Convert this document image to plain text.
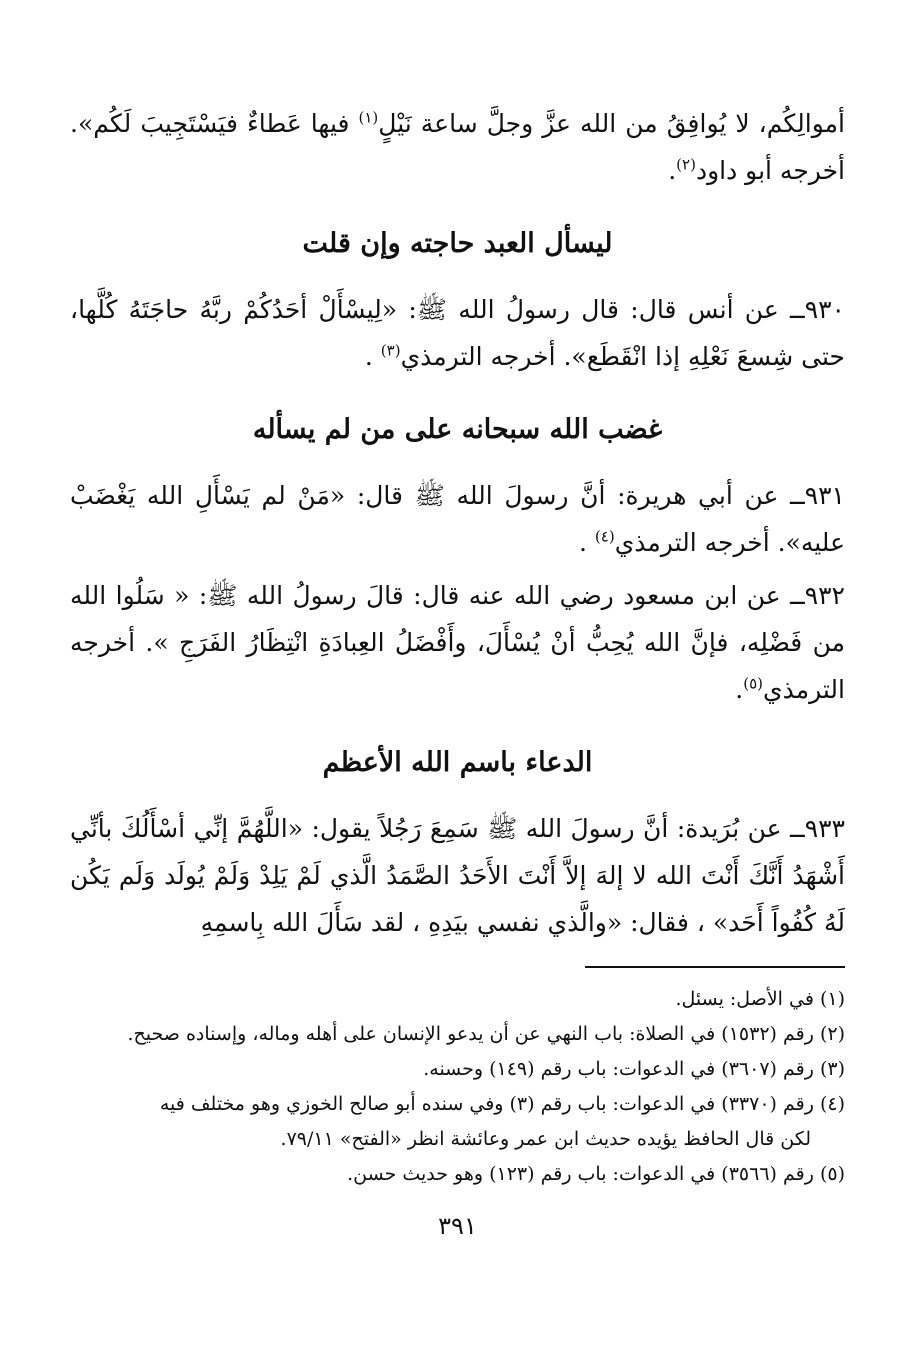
أموالِكُم، لا يُوافِقُ من الله عزَّ وجلَّ ساعة نَيْلٍ$^{(١)}$ فيها عَطاءٌ فيَسْتَجِيبَ لَكُم». أخرجه أبو داود$^{(٢)}$.

ليسأل العبد حاجته وإن قلت

٩٣٠ــ عن أنس قال: قال رسولُ الله ﷺ: «لِيسْأَلْ أحَدُكُمْ ربَّهُ حاجَتَهُ كُلَّها، حتى شِسعَ نَعْلِهِ إذا انْقَطَع». أخرجه الترمذي$^{(٣)}$ .

غضب الله سبحانه على من لم يسأله

٩٣١ــ عن أبي هريرة: أنَّ رسولَ الله ﷺ قال: «مَنْ لم يَسْأَلِ الله يَغْضَبْ عليه». أخرجه الترمذي$^{(٤)}$ .

٩٣٢ــ عن ابن مسعود رضي الله عنه قال: قالَ رسولُ الله ﷺ: « سَلُوا الله من فَضْلِه، فإنَّ الله يُحِبُّ أنْ يُسْأَلَ، وأَفْضَلُ العِبادَةِ انْتِظَارُ الفَرَجِ ». أخرجه الترمذي$^{(٥)}$.

الدعاء باسم الله الأعظم

٩٣٣ــ عن بُرَيدة: أنَّ رسولَ الله ﷺ سَمِعَ رَجُلاً يقول: «اللَّهُمَّ إنِّي أسْأَلُكَ بأنِّي أَشْهَدُ أَنَّكَ أَنْتَ الله لا إلهَ إلاَّ أَنْتَ الأَحَدُ الصَّمَدُ الَّذي لَمْ يَلِدْ وَلَمْ يُولَد وَلَم يَكُن لَهُ كُفُواً أَحَد» ، فقال: «والَّذي نفسي بيَدِهِ ، لقد سَأَلَ الله بِاسمِهِ

(١) في الأصل: يسئل.

(٢) رقم (١٥٣٢) في الصلاة: باب النهي عن أن يدعو الإنسان على أهله وماله، وإسناده صحيح.

(٣) رقم (٣٦٠٧) في الدعوات: باب رقم (١٤٩) وحسنه.

(٤) رقم (٣٣٧٠) في الدعوات: باب رقم (٣) وفي سنده أبو صالح الخوزي وهو مختلف فيه

لكن قال الحافظ يؤيده حديث ابن عمر وعائشة انظر «الفتح» ٧٩/١١.

(٥) رقم (٣٥٦٦) في الدعوات: باب رقم (١٢٣) وهو حديث حسن.

٣٩١
